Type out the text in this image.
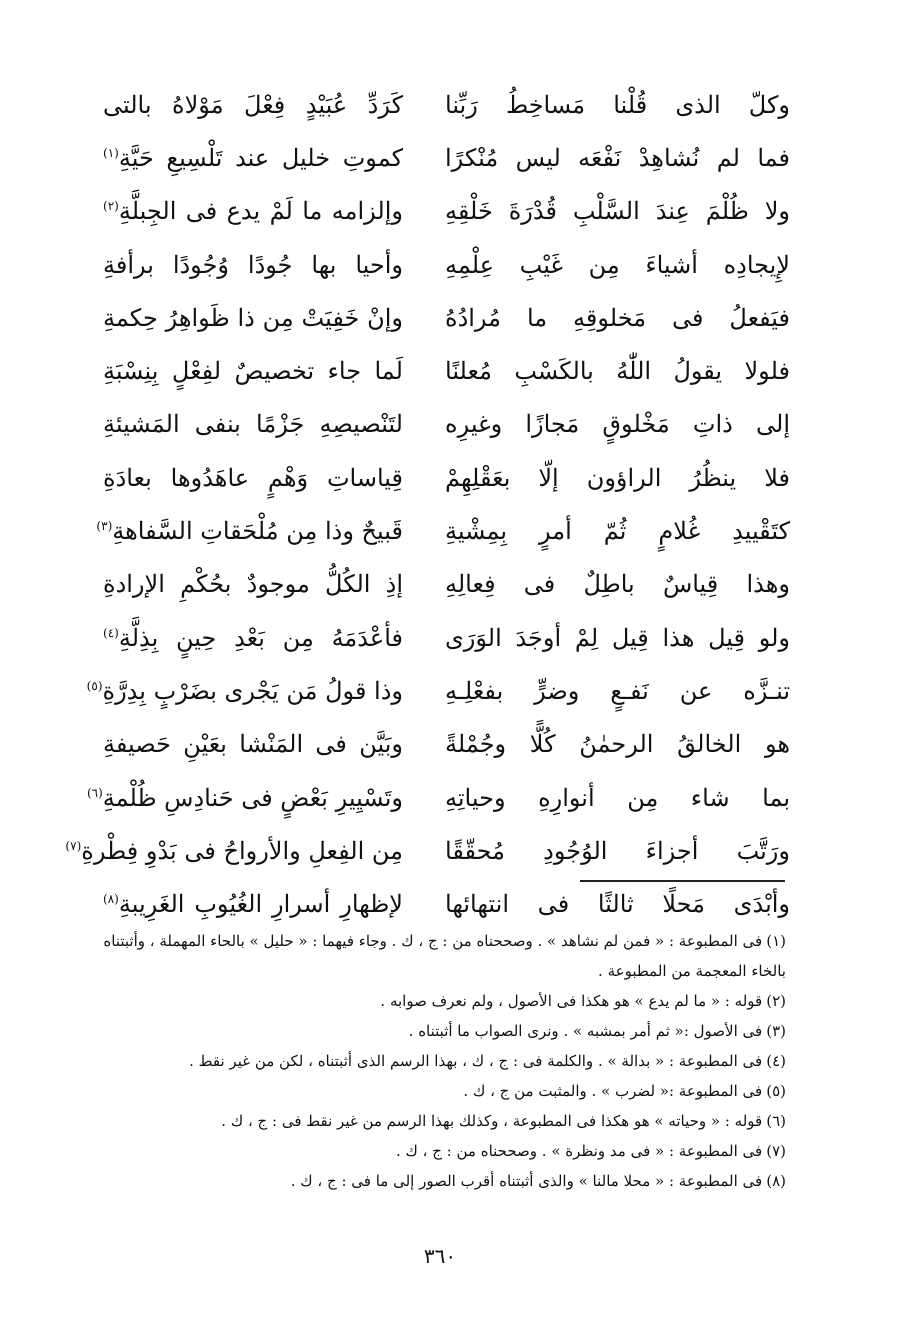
وكلّ الذى قُلْنا مَساخِطُ رَبِّنا
كَرَدِّ عُبَيْدٍ فِعْلَ مَوْلاهُ بالتى
فما لم نُشاهِدْ نَفْعَه ليس مُنْكرًا
كموتِ خليل عند تَلْسِيعِ حَيَّةِ$^{(١)}$
ولا ظُلْمَ عِندَ السَّلْبِ قُدْرَةَ خَلْقِهِ
وإلزامه ما لَمْ يدع فى الجِبلَّةِ$^{(٢)}$
لإِيجادِه أشياءَ مِن غَيْبِ عِلْمِهِ
وأحيا بها جُودًا وُجُودًا برأفةِ
فيَفعلُ فى مَخلوقِهِ ما مُرادُهُ
وإنْ خَفِيَتْ مِن ذا ظَواهِرُ حِكمةِ
فلولا يقولُ اللّٰهُ بالكَسْبِ مُعلنًا
لَما جاء تخصيصٌ لفِعْلٍ بِنِسْبَةِ
إلى ذاتِ مَخْلوقٍ مَجازًا وغيرِه
لتَنْصيصِهِ جَزْمًا بنفى المَشيئةِ
فلا ينظُرُ الراؤون إلّا بعَقْلِهِمْ
قِياساتِ وَهْمٍ عاهَدُوها بعادَةِ
كتَقْييدِ غُلامٍ ثُمّ أمرٍ بِمِشْيةِ
قَبيحٌ وذا مِن مُلْحَقاتِ السَّفاهةِ$^{(٣)}$
وهذا قِياسٌ باطِلٌ فى فِعالِهِ
إذِ الكُلُّ موجودٌ بحُكْمِ الإرادةِ
ولو قِيل هذا قِيل لِمْ أوجَدَ الوَرَى
فأعْدَمَهُ مِن بَعْدِ حِينٍ بِذِلَّةِ$^{(٤)}$
تنـزَّه عن نَفـعٍ وضرٍّ بفعْلِـهِ
وذا قولُ مَن يَجْرى بضَرْبٍ بِدِرَّةِ$^{(٥)}$
هو الخالقُ الرحمٰنُ كُلًّا وجُمْلةً
وبَيَّن فى المَنْشا بعَيْنِ حَصيفةِ
بما شاء مِن أنوارِهِ وحياتِهِ
وتَسْيِيرِ بَعْضٍ فى حَنادِسِ ظُلْمةِ$^{(٦)}$
ورَتَّبَ أجزاءَ الوُجُودِ مُحقّقًا
مِن الفِعلِ والأرواحُ فى بَدْوِ فِطْرةِ$^{(٧)}$
وأبْدَى مَحلًا ثالثًا فى انتهائها
لإظهارِ أسرارِ الغُيُوبِ الغَرِيبةِ$^{(٨)}$

(١)فى المطبوعة : « فمن لم نشاهد » . وصححناه من : ج ، ك . وجاء فيهما : « حليل » بالحاء المهملة ، وأثبتناه بالخاء المعجمة من المطبوعة .

(٢)قوله : « ما لم يدع » هو هكذا فى الأصول ، ولم نعرف صوابه .

(٣)فى الأصول :« ثم أمر بمشبه » . ونرى الصواب ما أثبتناه .

(٤)فى المطبوعة : « بدالة » . والكلمة فى : ج ، ك ، بهذا الرسم الذى أثبتناه ، لكن من غير نقط .

(٥)فى المطبوعة :« لضرب » . والمثبت من ج ، ك .

(٦)قوله : « وحياته » هو هكذا فى المطبوعة ، وكذلك بهذا الرسم من غير نقط فى : ج ، ك .

(٧)فى المطبوعة : « فى مد ونظرة » . وصححناه من : ج ، ك .

(٨)فى المطبوعة : « محلا مالنا » والذى أثبتناه أقرب الصور إلى ما فى : ج ، ك .

٣٦٠
